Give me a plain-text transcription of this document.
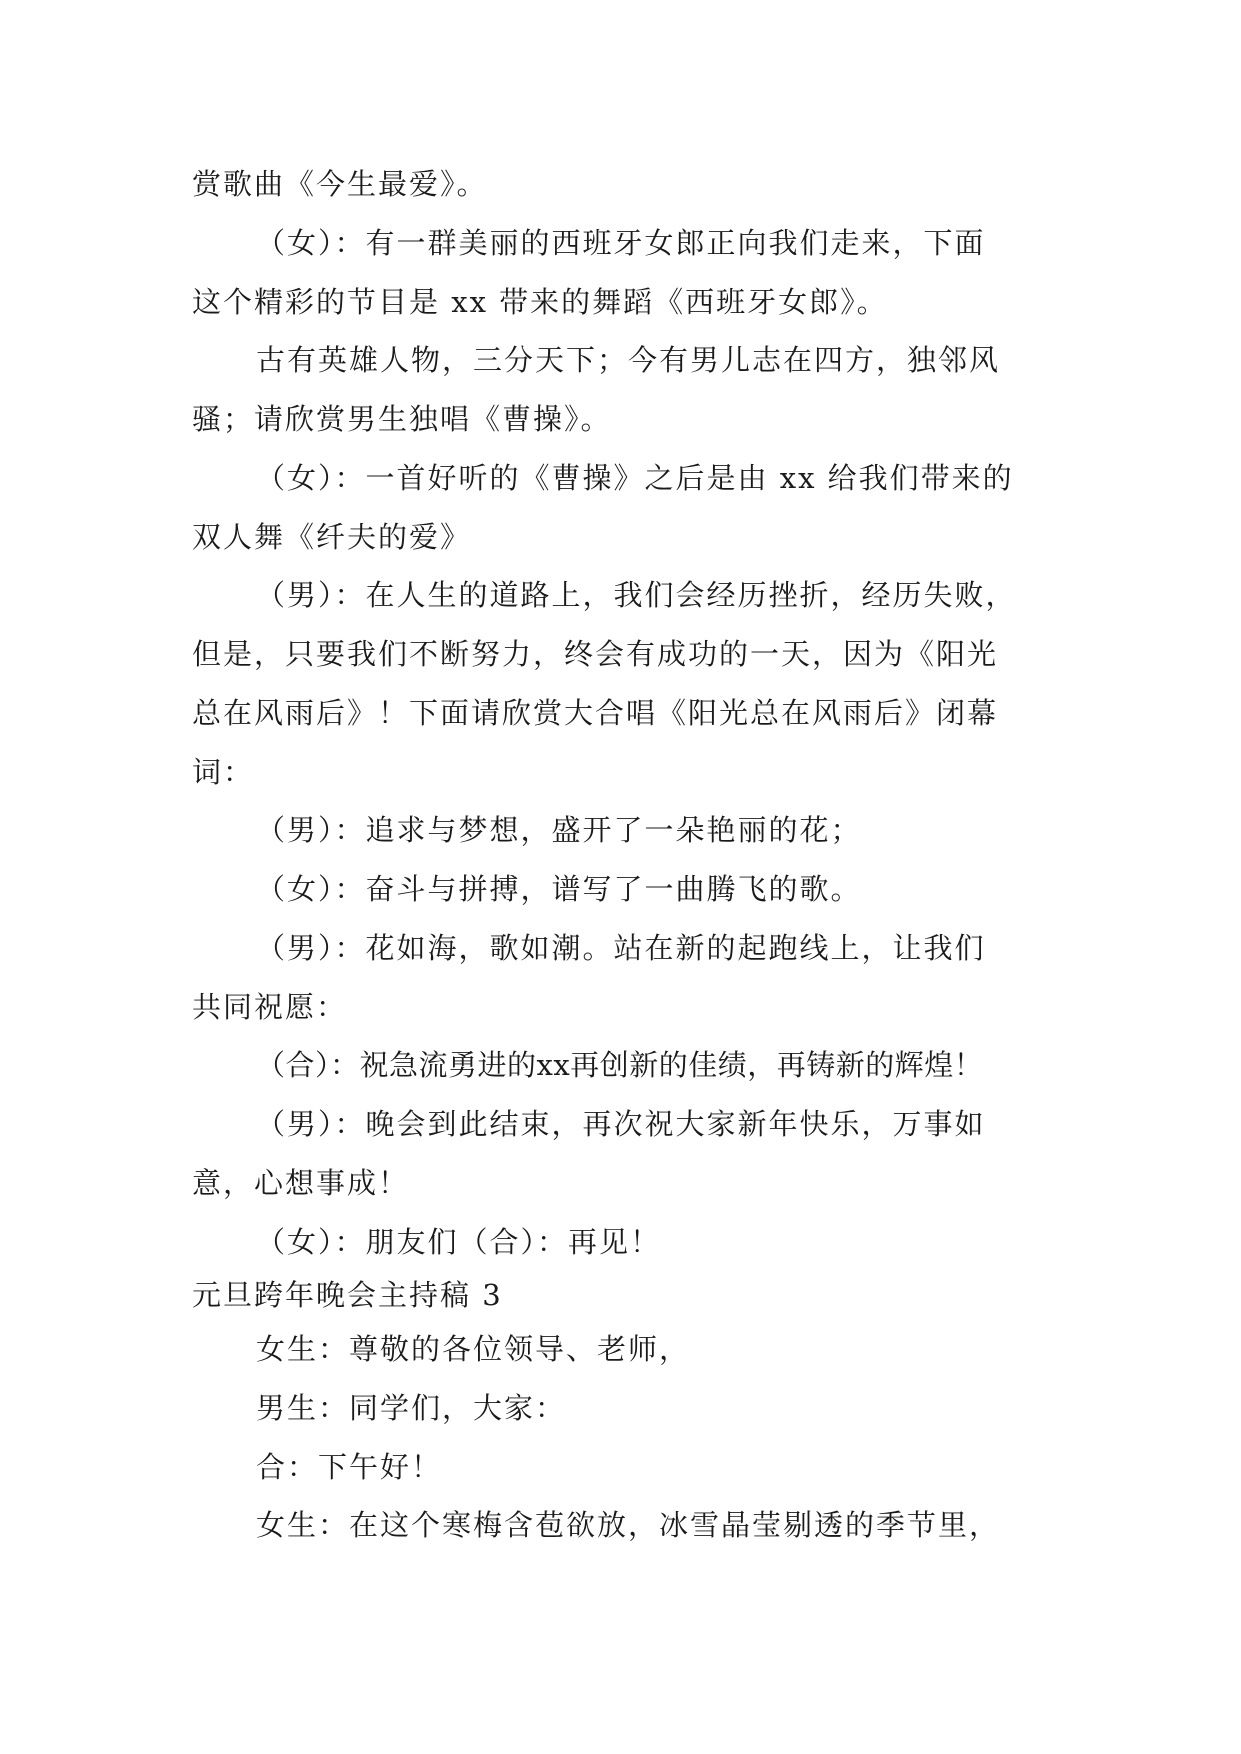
赏歌曲《今生最爱》。
（女）：有一群美丽的西班牙女郎正向我们走来，下面
这个精彩的节目是 xx 带来的舞蹈《西班牙女郎》。
古有英雄人物，三分天下；今有男儿志在四方，独邻风
骚；请欣赏男生独唱《曹操》。
（女）：一首好听的《曹操》之后是由 xx 给我们带来的
双人舞《纤夫的爱》
（男）：在人生的道路上，我们会经历挫折，经历失败，
但是，只要我们不断努力，终会有成功的一天，因为《阳光
总在风雨后》！下面请欣赏大合唱《阳光总在风雨后》闭幕
词：
（男）：追求与梦想，盛开了一朵艳丽的花；
（女）：奋斗与拼搏，谱写了一曲腾飞的歌。
（男）：花如海，歌如潮。站在新的起跑线上，让我们
共同祝愿：
（合）：祝急流勇进的xx再创新的佳绩，再铸新的辉煌！
（男）：晚会到此结束，再次祝大家新年快乐，万事如
意，心想事成！
（女）：朋友们（合）：再见！
元旦跨年晚会主持稿 3
女生：尊敬的各位领导、老师，
男生：同学们，大家：
合：下午好！
女生：在这个寒梅含苞欲放，冰雪晶莹剔透的季节里，
